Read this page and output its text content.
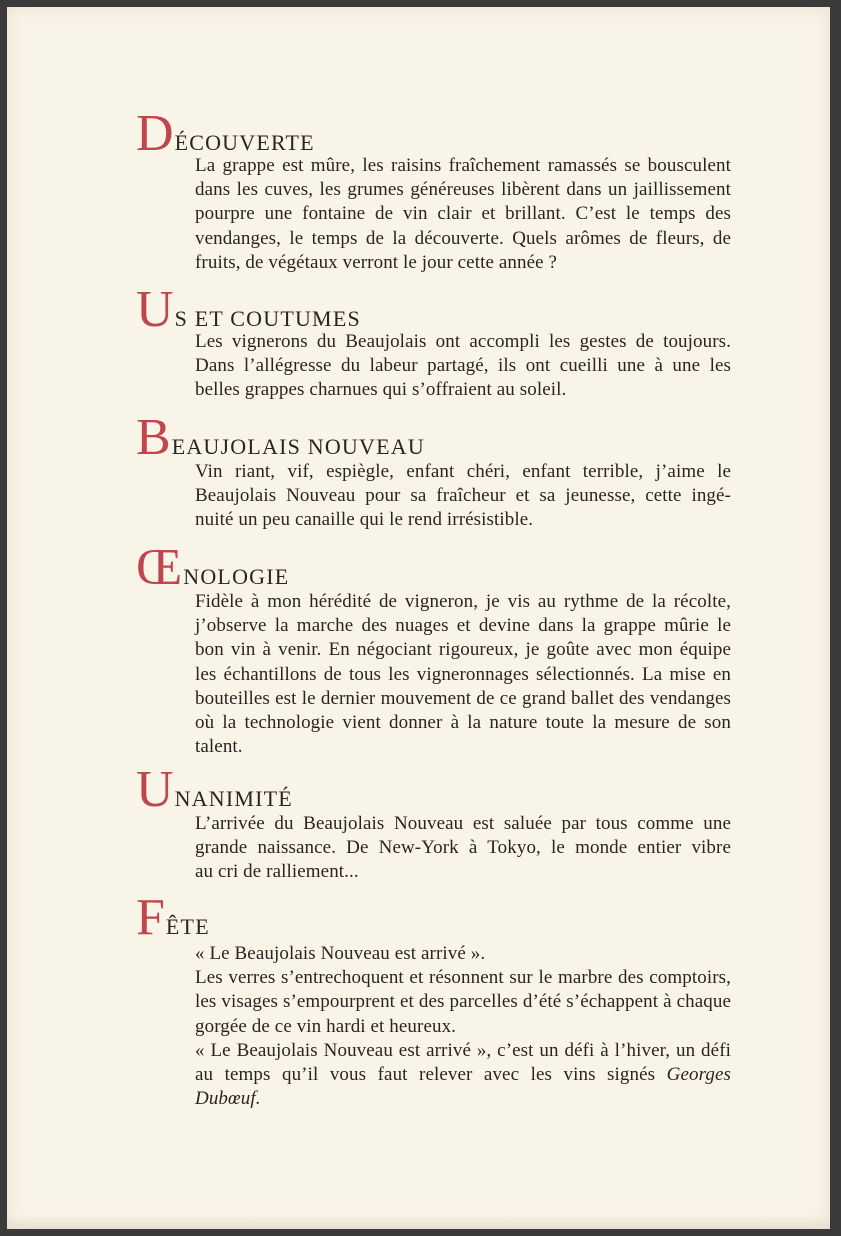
DÉCOUVERTE
La grappe est mûre, les raisins fraîchement ramassés se bousculent
dans les cuves, les grumes généreuses libèrent dans un jaillissement
pourpre une fontaine de vin clair et brillant. C’est le temps des
vendanges, le temps de la découverte. Quels arômes de fleurs, de
fruits, de végétaux verront le jour cette année ?
US ET COUTUMES
Les vignerons du Beaujolais ont accompli les gestes de toujours.
Dans l’allégresse du labeur partagé, ils ont cueilli une à une les
belles grappes charnues qui s’offraient au soleil.
BEAUJOLAIS NOUVEAU
Vin riant, vif, espiègle, enfant chéri, enfant terrible, j’aime le
Beaujolais Nouveau pour sa fraîcheur et sa jeunesse, cette ingé-
nuité un peu canaille qui le rend irrésistible.
ŒNOLOGIE
Fidèle à mon hérédité de vigneron, je vis au rythme de la récolte,
j’observe la marche des nuages et devine dans la grappe mûrie le
bon vin à venir. En négociant rigoureux, je goûte avec mon équipe
les échantillons de tous les vigneronnages sélectionnés. La mise en
bouteilles est le dernier mouvement de ce grand ballet des vendanges
où la technologie vient donner à la nature toute la mesure de son
talent.
UNANIMITÉ
L’arrivée du Beaujolais Nouveau est saluée par tous comme une
grande naissance. De New-York à Tokyo, le monde entier vibre
au cri de ralliement...
FÊTE
« Le Beaujolais Nouveau est arrivé ».
Les verres s’entrechoquent et résonnent sur le marbre des comptoirs,
les visages s’empourprent et des parcelles d’été s’échappent à chaque
gorgée de ce vin hardi et heureux.
« Le Beaujolais Nouveau est arrivé », c’est un défi à l’hiver, un défi
au temps qu’il vous faut relever avec les vins signés Georges Dubœuf.
